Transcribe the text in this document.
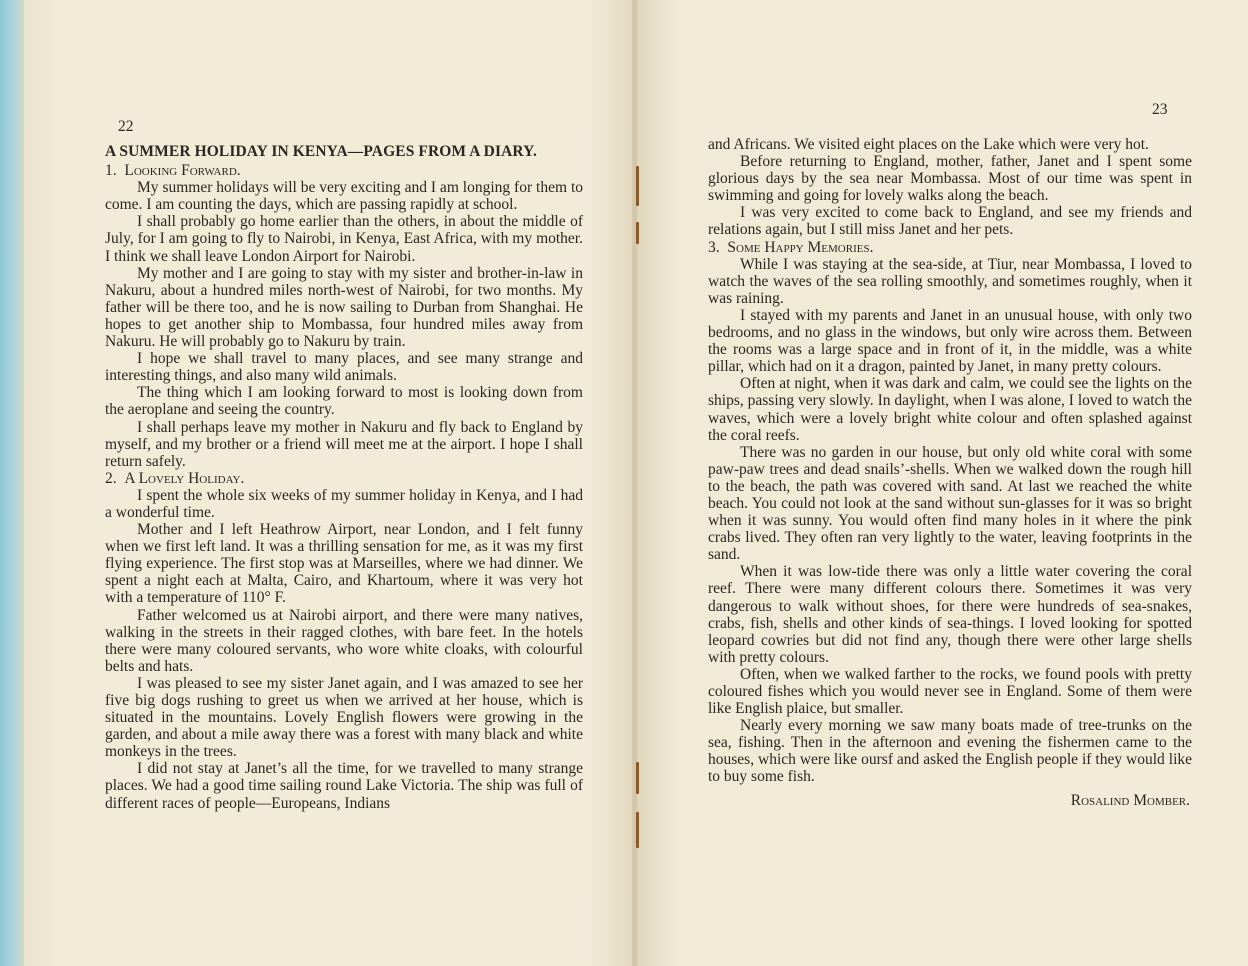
22
23
A SUMMER HOLIDAY IN KENYA—PAGES FROM A DIARY.
1. Looking Forward.

My summer holidays will be very exciting and I am longing for them to come. I am counting the days, which are passing rapidly at school.

I shall probably go home earlier than the others, in about the middle of July, for I am going to fly to Nairobi, in Kenya, East Africa, with my mother. I think we shall leave London Airport for Nairobi.

My mother and I are going to stay with my sister and brother-in-law in Nakuru, about a hundred miles north-west of Nairobi, for two months. My father will be there too, and he is now sailing to Durban from Shanghai. He hopes to get another ship to Mombassa, four hundred miles away from Nakuru. He will probably go to Nakuru by train.

I hope we shall travel to many places, and see many strange and interesting things, and also many wild animals.

The thing which I am looking forward to most is looking down from the aeroplane and seeing the country.

I shall perhaps leave my mother in Nakuru and fly back to England by myself, and my brother or a friend will meet me at the airport. I hope I shall return safely.

2. A Lovely Holiday.

I spent the whole six weeks of my summer holiday in Kenya, and I had a wonderful time.

Mother and I left Heathrow Airport, near London, and I felt funny when we first left land. It was a thrilling sensation for me, as it was my first flying experience. The first stop was at Marseilles, where we had dinner. We spent a night each at Malta, Cairo, and Khartoum, where it was very hot with a temperature of 110° F.

Father welcomed us at Nairobi airport, and there were many natives, walking in the streets in their ragged clothes, with bare feet. In the hotels there were many coloured servants, who wore white cloaks, with colourful belts and hats.

I was pleased to see my sister Janet again, and I was amazed to see her five big dogs rushing to greet us when we arrived at her house, which is situated in the mountains. Lovely English flowers were growing in the garden, and about a mile away there was a forest with many black and white monkeys in the trees.

I did not stay at Janet’s all the time, for we travelled to many strange places. We had a good time sailing round Lake Victoria. The ship was full of different races of people—Europeans, Indians

and Africans. We visited eight places on the Lake which were very hot.

Before returning to England, mother, father, Janet and I spent some glorious days by the sea near Mombassa. Most of our time was spent in swimming and going for lovely walks along the beach.

I was very excited to come back to England, and see my friends and relations again, but I still miss Janet and her pets.

3. Some Happy Memories.

While I was staying at the sea-side, at Tiur, near Mombassa, I loved to watch the waves of the sea rolling smoothly, and sometimes roughly, when it was raining.

I stayed with my parents and Janet in an unusual house, with only two bedrooms, and no glass in the windows, but only wire across them. Between the rooms was a large space and in front of it, in the middle, was a white pillar, which had on it a dragon, painted by Janet, in many pretty colours.

Often at night, when it was dark and calm, we could see the lights on the ships, passing very slowly. In daylight, when I was alone, I loved to watch the waves, which were a lovely bright white colour and often splashed against the coral reefs.

There was no garden in our house, but only old white coral with some paw-paw trees and dead snails’-shells. When we walked down the rough hill to the beach, the path was covered with sand. At last we reached the white beach. You could not look at the sand without sun-glasses for it was so bright when it was sunny. You would often find many holes in it where the pink crabs lived. They often ran very lightly to the water, leaving footprints in the sand.

When it was low-tide there was only a little water covering the coral reef. There were many different colours there. Sometimes it was very dangerous to walk without shoes, for there were hundreds of sea-snakes, crabs, fish, shells and other kinds of sea-things. I loved looking for spotted leopard cowries but did not find any, though there were other large shells with pretty colours.

Often, when we walked farther to the rocks, we found pools with pretty coloured fishes which you would never see in England. Some of them were like English plaice, but smaller.

Nearly every morning we saw many boats made of tree-trunks on the sea, fishing. Then in the afternoon and evening the fishermen came to the houses, which were like oursf and asked the English people if they would like to buy some fish.

Rosalind Momber.
